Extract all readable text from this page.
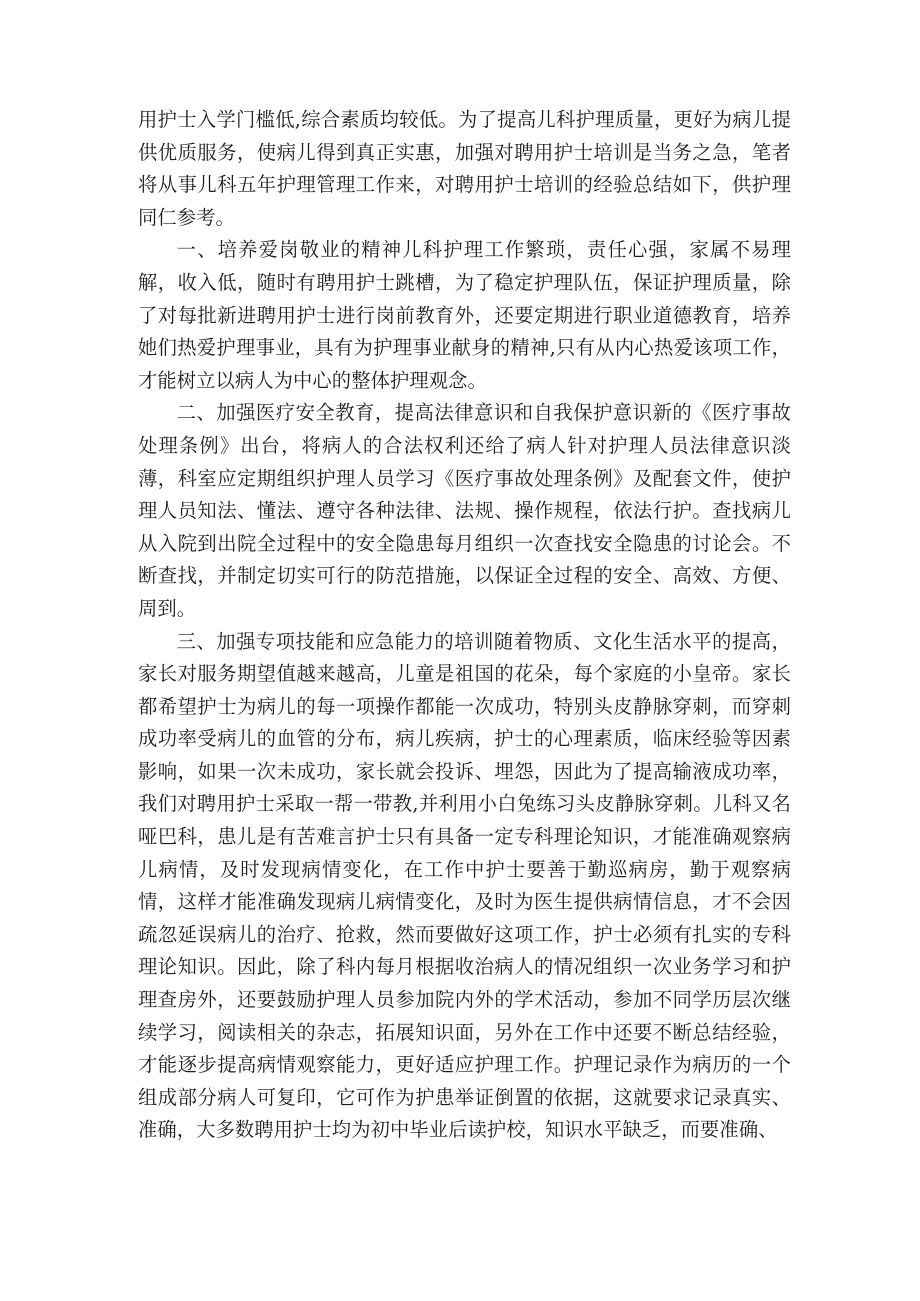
用护士入学门槛低,综合素质均较低。为了提高儿科护理质量，更好为病儿提供优质服务，使病儿得到真正实惠，加强对聘用护士培训是当务之急，笔者将从事儿科五年护理管理工作来，对聘用护士培训的经验总结如下，供护理同仁参考。

一、培养爱岗敬业的精神儿科护理工作繁琐，责任心强，家属不易理解，收入低，随时有聘用护士跳槽，为了稳定护理队伍，保证护理质量，除了对每批新进聘用护士进行岗前教育外，还要定期进行职业道德教育，培养她们热爱护理事业，具有为护理事业献身的精神,只有从内心热爱该项工作，才能树立以病人为中心的整体护理观念。

二、加强医疗安全教育，提高法律意识和自我保护意识新的《医疗事故处理条例》出台，将病人的合法权利还给了病人针对护理人员法律意识淡薄，科室应定期组织护理人员学习《医疗事故处理条例》及配套文件，使护理人员知法、懂法、遵守各种法律、法规、操作规程，依法行护。查找病儿从入院到出院全过程中的安全隐患每月组织一次查找安全隐患的讨论会。不断查找，并制定切实可行的防范措施，以保证全过程的安全、高效、方便、周到。

三、加强专项技能和应急能力的培训随着物质、文化生活水平的提高，家长对服务期望值越来越高，儿童是祖国的花朵，每个家庭的小皇帝。家长都希望护士为病儿的每一项操作都能一次成功，特别头皮静脉穿刺，而穿刺成功率受病儿的血管的分布，病儿疾病，护士的心理素质，临床经验等因素影响，如果一次未成功，家长就会投诉、埋怨，因此为了提高输液成功率，我们对聘用护士采取一帮一带教,并利用小白兔练习头皮静脉穿刺。儿科又名哑巴科，患儿是有苦难言护士只有具备一定专科理论知识，才能准确观察病儿病情，及时发现病情变化，在工作中护士要善于勤巡病房，勤于观察病情，这样才能准确发现病儿病情变化，及时为医生提供病情信息，才不会因疏忽延误病儿的治疗、抢救，然而要做好这项工作，护士必须有扎实的专科理论知识。因此，除了科内每月根据收治病人的情况组织一次业务学习和护理查房外，还要鼓励护理人员参加院内外的学术活动，参加不同学历层次继续学习，阅读相关的杂志，拓展知识面，另外在工作中还要不断总结经验，才能逐步提高病情观察能力，更好适应护理工作。护理记录作为病历的一个组成部分病人可复印，它可作为护患举证倒置的依据，这就要求记录真实、准确，大多数聘用护士均为初中毕业后读护校，知识水平缺乏，而要准确、
